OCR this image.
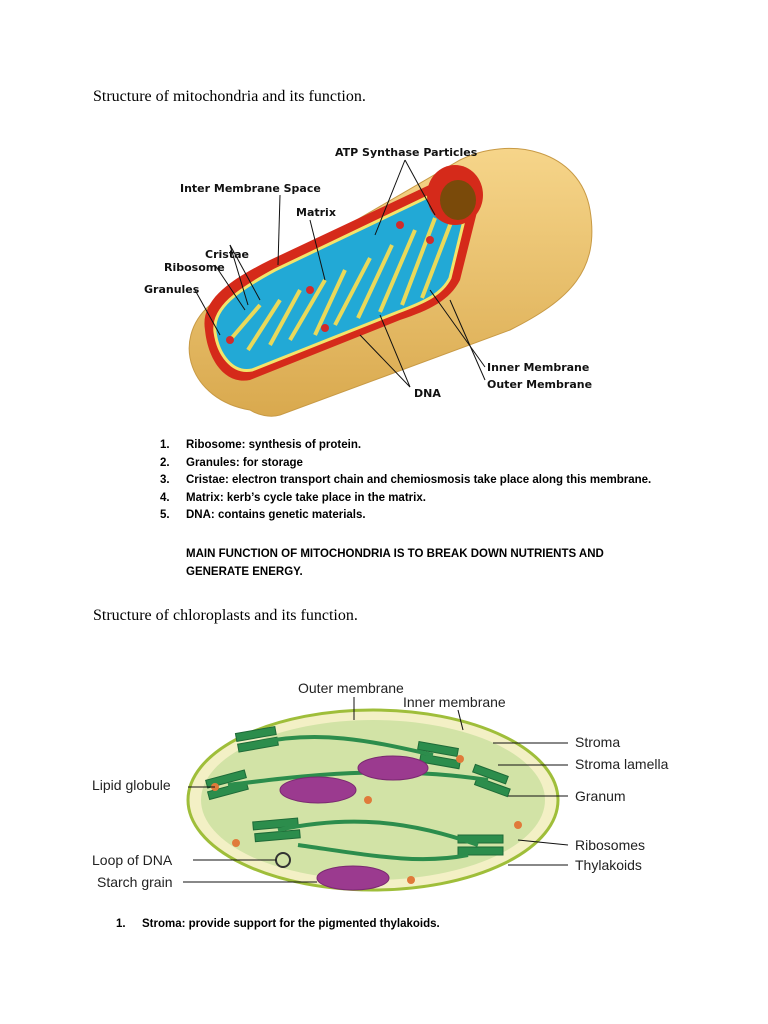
Structure of mitochondria and its function.
ATP Synthase Particles
Inter Membrane Space
Matrix
Cristae
Ribosome
Granules
Inner Membrane
Outer Membrane
DNA
1. Ribosome: synthesis of protein.
2. Granules: for storage
3. Cristae: electron transport chain and chemiosmosis take place along this membrane.
4. Matrix: kerb’s cycle take place in the matrix.
5. DNA: contains genetic materials.

MAIN FUNCTION OF MITOCHONDRIA IS TO BREAK DOWN NUTRIENTS AND GENERATE ENERGY.

Structure of chloroplasts and its function.
Outer membrane
Inner membrane
Stroma
Stroma lamella
Granum
Lipid globule
Ribosomes
Thylakoids
Loop of DNA
Starch grain
1. Stroma: provide support for the pigmented thylakoids.
